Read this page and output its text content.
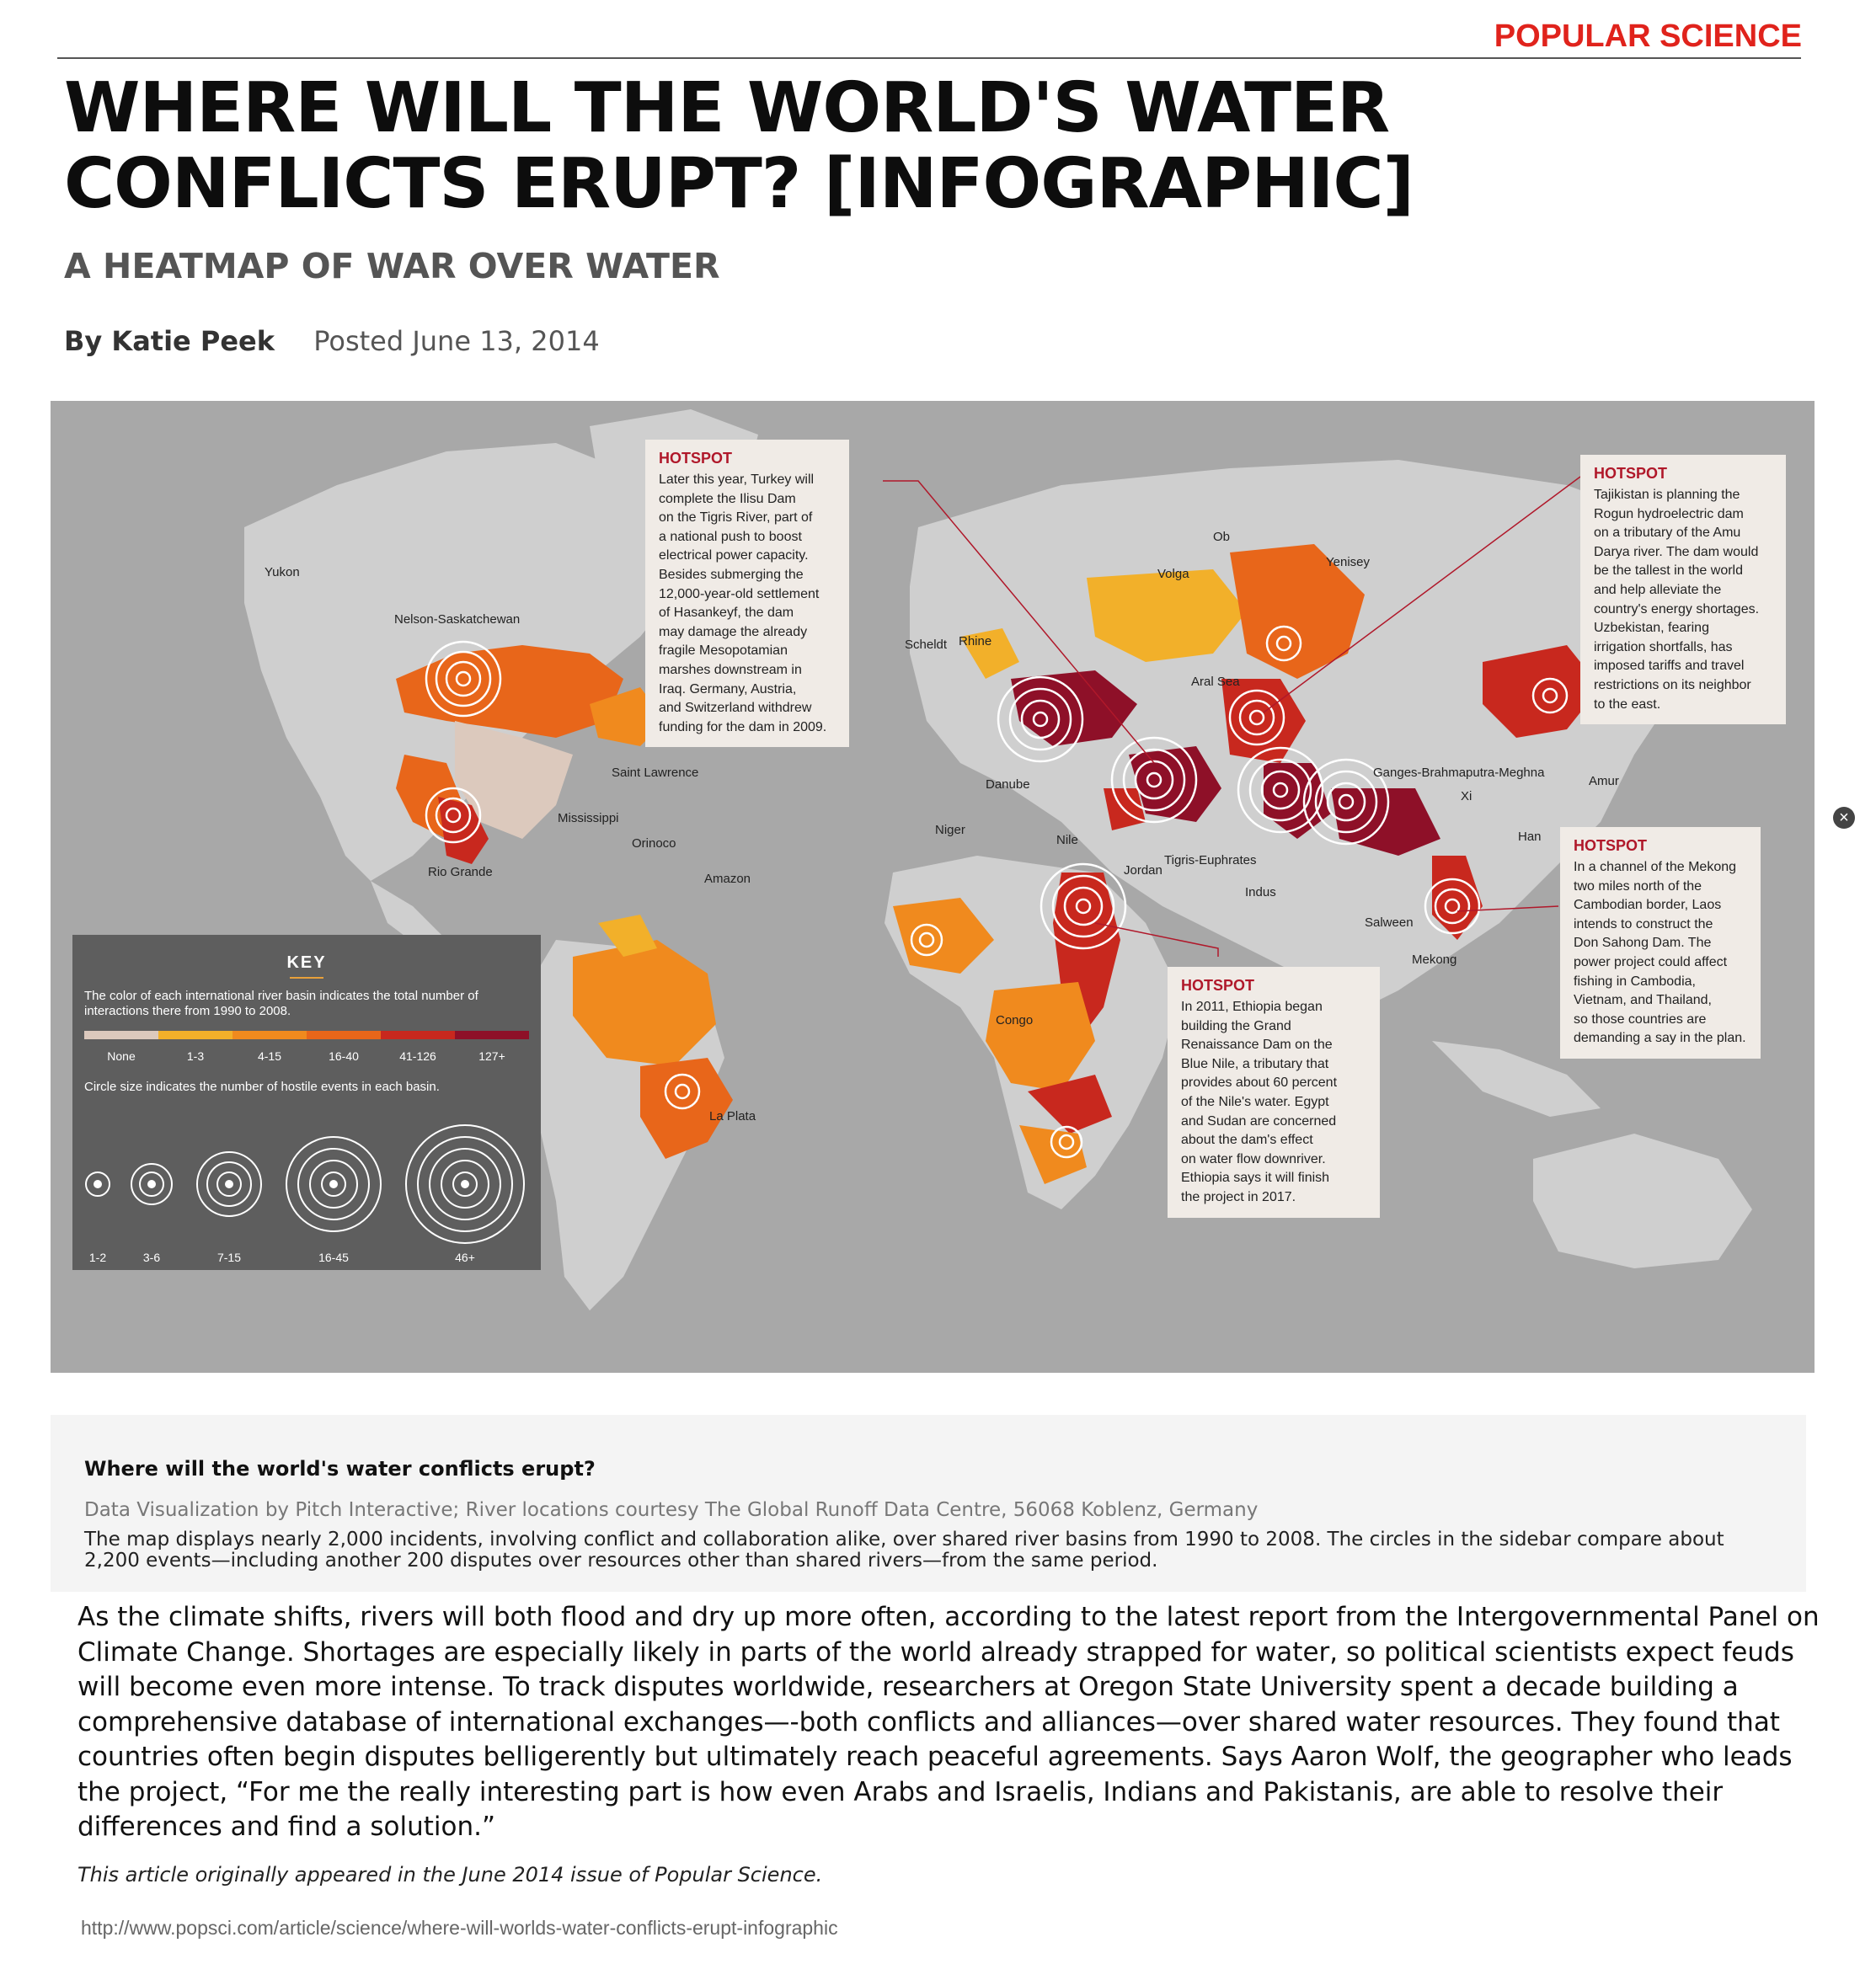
POPULAR SCIENCE
WHERE WILL THE WORLD'S WATER CONFLICTS ERUPT? [INFOGRAPHIC]
A HEATMAP OF WAR OVER WATER
By Katie Peek Posted June 13, 2014
Yukon
Nelson-Saskatchewan
Saint Lawrence
Mississippi
Rio Grande
Orinoco
Amazon
La Plata
Scheldt Rhine
Danube
Niger
Nile
Jordan
Tigris-Euphrates
Congo
Volga
Ob
Yenisey
Aral Sea
Indus
Ganges-Brahmaputra-Meghna
Xi
Han
Amur
Salween
Mekong
×
HOTSPOT
Later this year, Turkey will
complete the Ilisu Dam
on the Tigris River, part of
a national push to boost
electrical power capacity.
Besides submerging the
12,000-year-old settlement
of Hasankeyf, the dam
may damage the already
fragile Mesopotamian
marshes downstream in
Iraq. Germany, Austria,
and Switzerland withdrew
funding for the dam in 2009.
HOTSPOT
Tajikistan is planning the
Rogun hydroelectric dam
on a tributary of the Amu
Darya river. The dam would
be the tallest in the world
and help alleviate the
country's energy shortages.
Uzbekistan, fearing
irrigation shortfalls, has
imposed tariffs and travel
restrictions on its neighbor
to the east.
HOTSPOT
In a channel of the Mekong
two miles north of the
Cambodian border, Laos
intends to construct the
Don Sahong Dam. The
power project could affect
fishing in Cambodia,
Vietnam, and Thailand,
so those countries are
demanding a say in the plan.
HOTSPOT
In 2011, Ethiopia began
building the Grand
Renaissance Dam on the
Blue Nile, a tributary that
provides about 60 percent
of the Nile's water. Egypt
and Sudan are concerned
about the dam's effect
on water flow downriver.
Ethiopia says it will finish
the project in 2017.
KEY
The color of each international river basin indicates the total number of interactions there from 1990 to 2008.
None	1-3	4-15	16-40	41-126	127+
Circle size indicates the number of hostile events in each basin.
1-2	3-6	7-15	16-45	46+
Where will the world's water conflicts erupt?
Data Visualization by Pitch Interactive; River locations courtesy The Global Runoff Data Centre, 56068 Koblenz, Germany
The map displays nearly 2,000 incidents, involving conflict and collaboration alike, over shared river basins from 1990 to 2008. The circles in the sidebar compare about 2,200 events—including another 200 disputes over resources other than shared rivers—from the same period.

As the climate shifts, rivers will both flood and dry up more often, according to the latest report from the Intergovernmental Panel on Climate Change. Shortages are especially likely in parts of the world already strapped for water, so political scientists expect feuds will become even more intense. To track disputes worldwide, researchers at Oregon State University spent a decade building a comprehensive database of international exchanges—-both conflicts and alliances—over shared water resources. They found that countries often begin disputes belligerently but ultimately reach peaceful agreements. Says Aaron Wolf, the geographer who leads the project, “For me the really interesting part is how even Arabs and Israelis, Indians and Pakistanis, are able to resolve their differences and find a solution.”

This article originally appeared in the June 2014 issue of Popular Science.
http://www.popsci.com/article/science/where-will-worlds-water-conflicts-erupt-infographic
